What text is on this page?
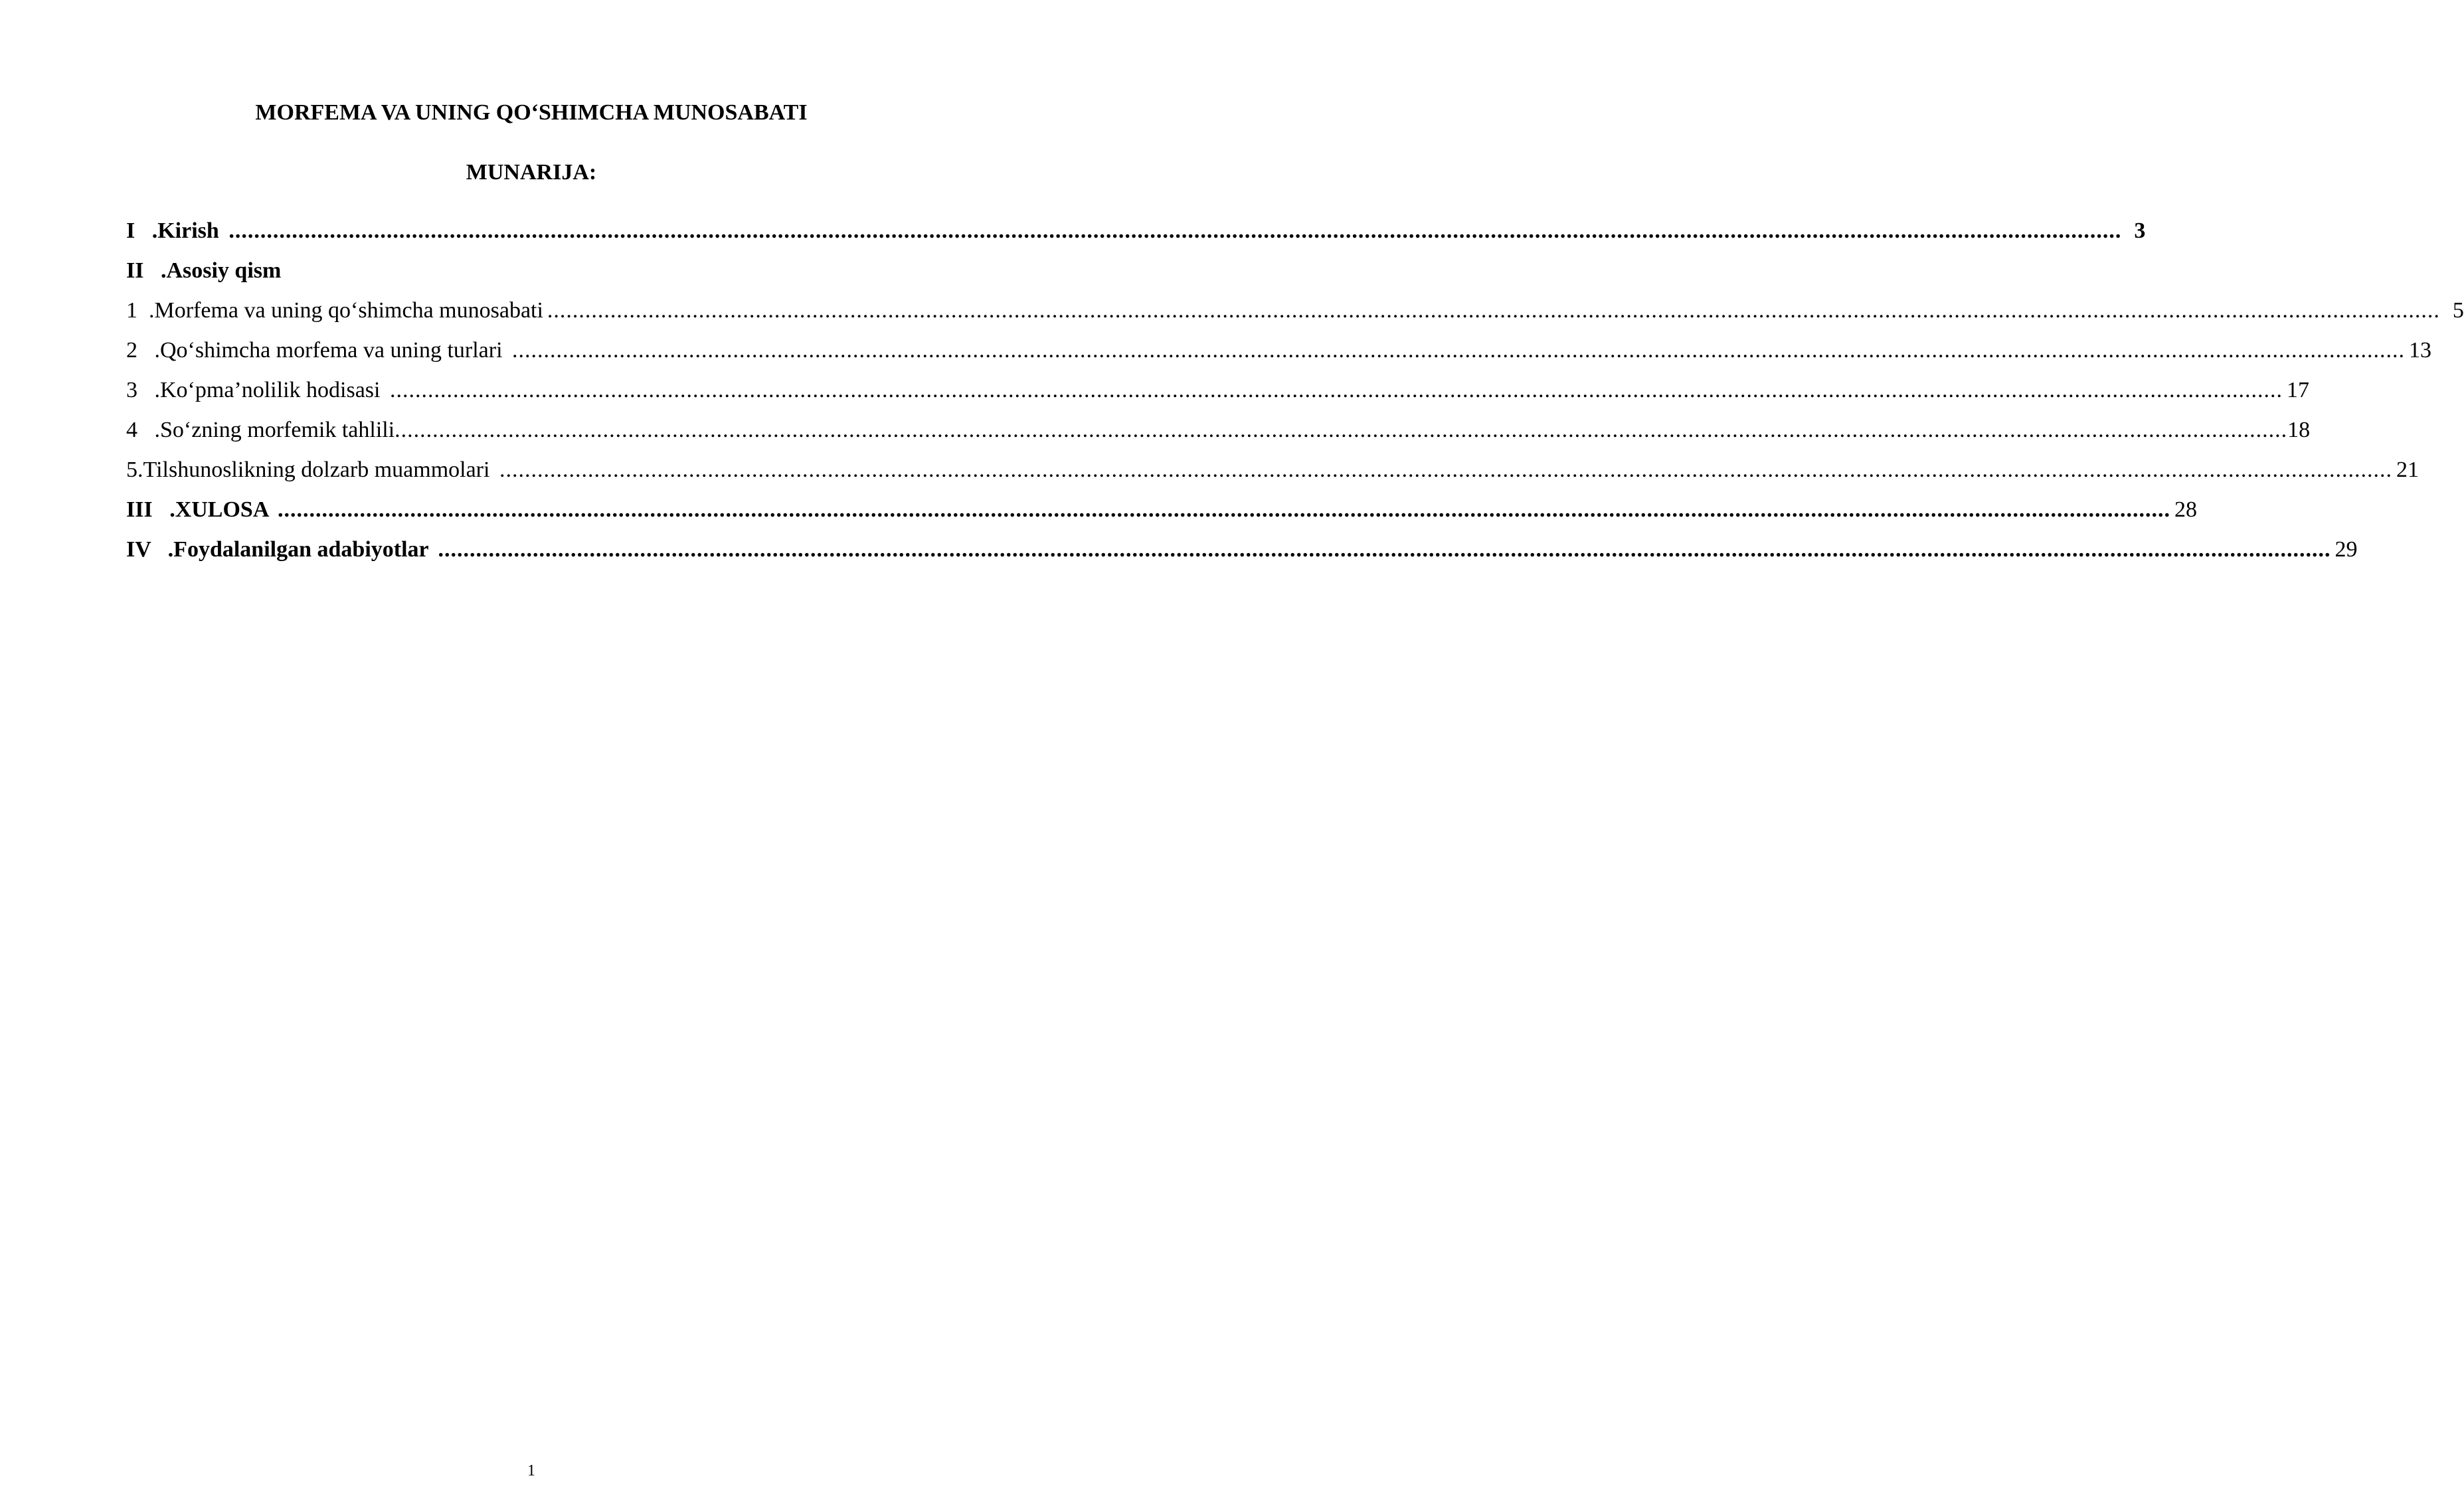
MORFEMA VA UNING QO‘SHIMCHA MUNOSABATI
MUNARIJA:
I .Kirish ............................................................................................................................................................................................................................................................................................................ 3
II .Asosiy qism
1 .Morfema va uning qo‘shimcha munosabati ............................................................................................................................................................................................................................................................................................................ 5
2 .Qo‘shimcha morfema va uning turlari ............................................................................................................................................................................................................................................................................................................ 13
3 .Ko‘pma’nolilik hodisasi ............................................................................................................................................................................................................................................................................................................ 17
4 .So‘zning morfemik tahlili ............................................................................................................................................................................................................................................................................................................ 18
5.Tilshunoslikning dolzarb muammolari ............................................................................................................................................................................................................................................................................................................ 21
III .XULOSA ............................................................................................................................................................................................................................................................................................................ 28
IV .Foydalanilgan adabiyotlar ............................................................................................................................................................................................................................................................................................................ 29
1
